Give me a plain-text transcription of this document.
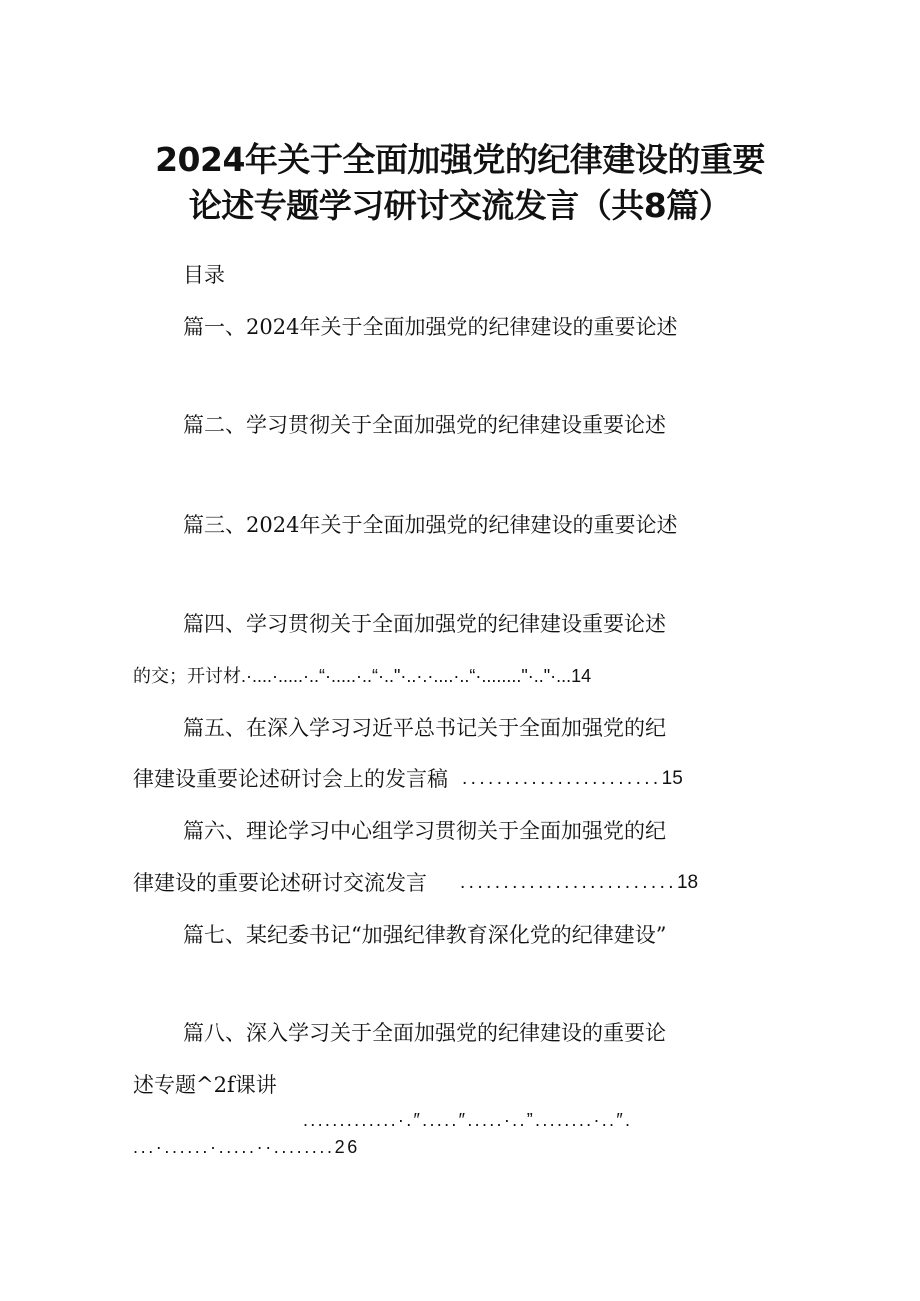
2024年关于全面加强党的纪律建设的重要
论述专题学习研讨交流发言（共8篇）
目录
篇一、2024年关于全面加强党的纪律建设的重要论述
篇二、学习贯彻关于全面加强党的纪律建设重要论述
篇三、2024年关于全面加强党的纪律建设的重要论述
篇四、学习贯彻关于全面加强党的纪律建设重要论述
的交；开讨材.·....·.....·..“·.....·..“·.."·..·.·....·..“·........"·.."·...14
篇五、在深入学习习近平总书记关于全面加强党的纪
律建设重要论述研讨会上的发言稿 .......................15
篇六、理论学习中心组学习贯彻关于全面加强党的纪
律建设的重要论述研讨交流发言 .........................18
篇七、某纪委书记“加强纪律教育深化党的纪律建设”
篇八、深入学习关于全面加强党的纪律建设的重要论
述专题^2f课讲
.............·.″.....″.....·..”........·..″.
...·......·.....··........26
